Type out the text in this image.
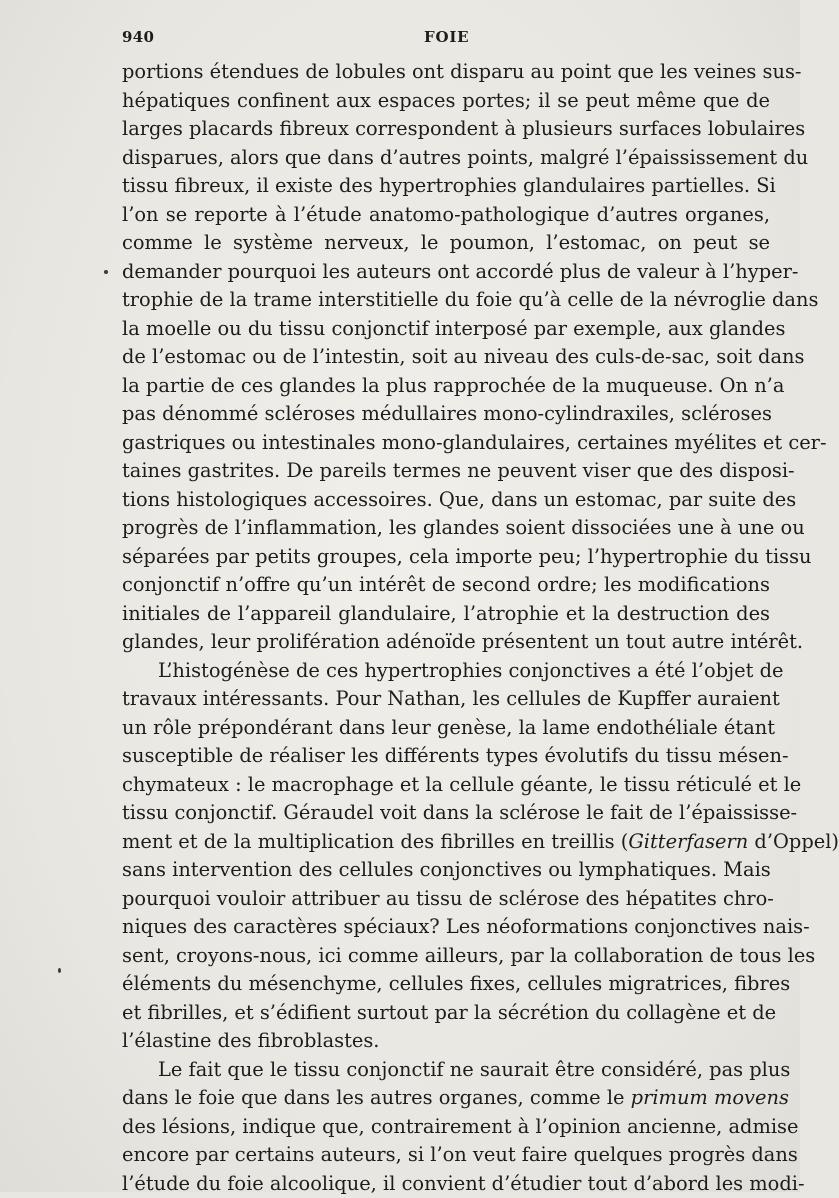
940	FOIE
portions étendues de lobules ont disparu au point que les veines sus-
hépatiques confinent aux espaces portes; il se peut même que de
larges placards fibreux correspondent à plusieurs surfaces lobulaires
disparues, alors que dans d’autres points, malgré l’épaississement du
tissu fibreux, il existe des hypertrophies glandulaires partielles. Si
l’on se reporte à l’étude anatomo-pathologique d’autres organes,
comme le système nerveux, le poumon, l’estomac, on peut se
demander pourquoi les auteurs ont accordé plus de valeur à l’hyper-
trophie de la trame interstitielle du foie qu’à celle de la névroglie dans
la moelle ou du tissu conjonctif interposé par exemple, aux glandes
de l’estomac ou de l’intestin, soit au niveau des culs-de-sac, soit dans
la partie de ces glandes la plus rapprochée de la muqueuse. On n’a
pas dénommé scléroses médullaires mono-cylindraxiles, scléroses
gastriques ou intestinales mono-glandulaires, certaines myélites et cer-
taines gastrites. De pareils termes ne peuvent viser que des disposi-
tions histologiques accessoires. Que, dans un estomac, par suite des
progrès de l’inflammation, les glandes soient dissociées une à une ou
séparées par petits groupes, cela importe peu; l’hypertrophie du tissu
conjonctif n’offre qu’un intérêt de second ordre; les modifications
initiales de l’appareil glandulaire, l’atrophie et la destruction des
glandes, leur prolifération adénoïde présentent un tout autre intérêt.
L’histogénèse de ces hypertrophies conjonctives a été l’objet de
travaux intéressants. Pour Nathan, les cellules de Kupffer auraient
un rôle prépondérant dans leur genèse, la lame endothéliale étant
susceptible de réaliser les différents types évolutifs du tissu mésen-
chymateux : le macrophage et la cellule géante, le tissu réticulé et le
tissu conjonctif. Géraudel voit dans la sclérose le fait de l’épaississe-
ment et de la multiplication des fibrilles en treillis (Gitterfasern d’Oppel)
sans intervention des cellules conjonctives ou lymphatiques. Mais
pourquoi vouloir attribuer au tissu de sclérose des hépatites chro-
niques des caractères spéciaux? Les néoformations conjonctives nais-
sent, croyons-nous, ici comme ailleurs, par la collaboration de tous les
éléments du mésenchyme, cellules fixes, cellules migratrices, fibres
et fibrilles, et s’édifient surtout par la sécrétion du collagène et de
l’élastine des fibroblastes.
Le fait que le tissu conjonctif ne saurait être considéré, pas plus
dans le foie que dans les autres organes, comme le primum movens
des lésions, indique que, contrairement à l’opinion ancienne, admise
encore par certains auteurs, si l’on veut faire quelques progrès dans
l’étude du foie alcoolique, il convient d’étudier tout d’abord les modi-
